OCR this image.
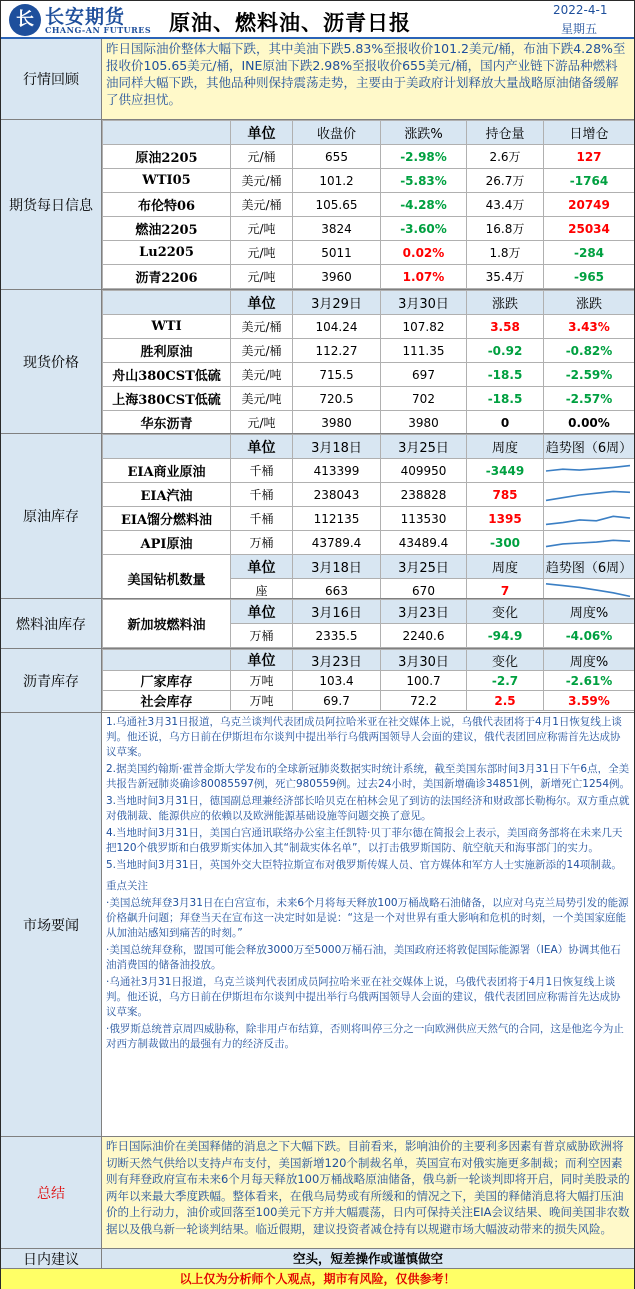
长 长安期货
CHANG-AN FUTURES 原油、燃料油、沥青日报
2022-4-1
星期五
行情回顾
昨日国际油价整体大幅下跌，其中美油下跌5.83%至报收价101.2美元/桶，布油下跌4.28%至报收价105.65美元/桶，INE原油下跌2.98%至报收价655美元/桶，国内产业链下游品种燃料油同样大幅下跌，其他品种则保持震荡走势，主要由于美政府计划释放大量战略原油储备缓解了供应担忧。
期货每日信息
	单位	收盘价	涨跌%	持仓量	日增仓
原油2205	元/桶	655	-2.98%	2.6万	127
WTI05	美元/桶	101.2	-5.83%	26.7万	-1764
布伦特06	美元/桶	105.65	-4.28%	43.4万	20749
燃油2205	元/吨	3824	-3.60%	16.8万	25034
Lu2205	元/吨	5011	0.02%	1.8万	-284
沥青2206	元/吨	3960	1.07%	35.4万	-965
现货价格
	单位	3月29日	3月30日	涨跌	涨跌
WTI	美元/桶	104.24	107.82	3.58	3.43%
胜利原油	美元/桶	112.27	111.35	-0.92	-0.82%
舟山380CST低硫	美元/吨	715.5	697	-18.5	-2.59%
上海380CST低硫	美元/吨	720.5	702	-18.5	-2.57%
华东沥青	元/吨	3980	3980	0	0.00%
原油库存
	单位	3月18日	3月25日	周度	趋势图（6周）
EIA商业原油	千桶	413399	409950	-3449	

EIA汽油	千桶	238043	238828	785	

EIA馏分燃料油	千桶	112135	113530	1395	

API原油	万桶	43789.4	43489.4	-300	

美国钻机数量	单位	3月18日	3月25日	周度	趋势图（6周）
	座	663	670	7	
燃料油库存	新加坡燃料油	单位	3月16日	3月23日	变化	周度%
	万桶	2335.5	2240.6	-94.9	-4.06%
沥青库存
	单位	3月23日	3月30日	变化	周度%
厂家库存	万吨	103.4	100.7	-2.7	-2.61%
社会库存	万吨	69.7	72.2	2.5	3.59%
市场要闻

1.乌通社3月31日报道，乌克兰谈判代表团成员阿拉哈米亚在社交媒体上说，乌俄代表团将于4月1日恢复线上谈判。他还说，乌方日前在伊斯坦布尔谈判中提出举行乌俄两国领导人会面的建议，俄代表团回应称需首先达成协议草案。

2.据美国约翰斯·霍普金斯大学发布的全球新冠肺炎数据实时统计系统，截至美国东部时间3月31日下午6点，全美共报告新冠肺炎确诊80085597例，死亡980559例。过去24小时，美国新增确诊34851例，新增死亡1254例。

3.当地时间3月31日，德国副总理兼经济部长哈贝克在柏林会见了到访的法国经济和财政部长勒梅尔。双方重点就对俄制裁、能源供应的依赖以及欧洲能源基础设施等问题交换了意见。

4.当地时间3月31日，美国白宫通讯联络办公室主任凯特·贝丁菲尔德在简报会上表示，美国商务部将在未来几天把120个俄罗斯和白俄罗斯实体加入其“制裁实体名单”，以打击俄罗斯国防、航空航天和海事部门的实力。

5.当地时间3月31日，英国外交大臣特拉斯宣布对俄罗斯传媒人员、官方媒体和军方人士实施新添的14项制裁。

重点关注

·美国总统拜登3月31日在白宫宣布，未来6个月将每天释放100万桶战略石油储备，以应对乌克兰局势引发的能源价格飙升问题；拜登当天在宣布这一决定时如是说：“这是一个对世界有重大影响和危机的时刻，一个美国家庭能从加油站感知到痛苦的时刻。”

·美国总统拜登称，盟国可能会释放3000万至5000万桶石油，美国政府还将敦促国际能源署（IEA）协调其他石油消费国的储备油投放。

·乌通社3月31日报道，乌克兰谈判代表团成员阿拉哈米亚在社交媒体上说，乌俄代表团将于4月1日恢复线上谈判。他还说，乌方日前在伊斯坦布尔谈判中提出举行乌俄两国领导人会面的建议，俄代表团回应称需首先达成协议草案。

·俄罗斯总统普京周四威胁称，除非用卢布结算，否则将叫停三分之一向欧洲供应天然气的合同，这是他迄今为止对西方制裁做出的最强有力的经济反击。

总结
昨日国际油价在美国释储的消息之下大幅下跌。目前看来，影响油价的主要利多因素有普京威胁欧洲将切断天然气供给以支持卢布支付，美国新增120个制裁名单，英国宣布对俄实施更多制裁；而利空因素则有拜登政府宣布未来6个月每天释放100万桶战略原油储备，俄乌新一轮谈判即将开启，同时美股录的两年以来最大季度跌幅。整体看来，在俄乌局势或有所缓和的情况之下，美国的释储消息将大幅打压油价的上行动力，油价或回落至100美元下方并大幅震荡，日内可保持关注EIA会议结果、晚间美国非农数据以及俄乌新一轮谈判结果。临近假期，建议投资者减仓持有以规避市场大幅波动带来的损失风险。
日内建议	空头，短差操作或谨慎做空
以上仅为分析师个人观点，期市有风险，仅供参考！
